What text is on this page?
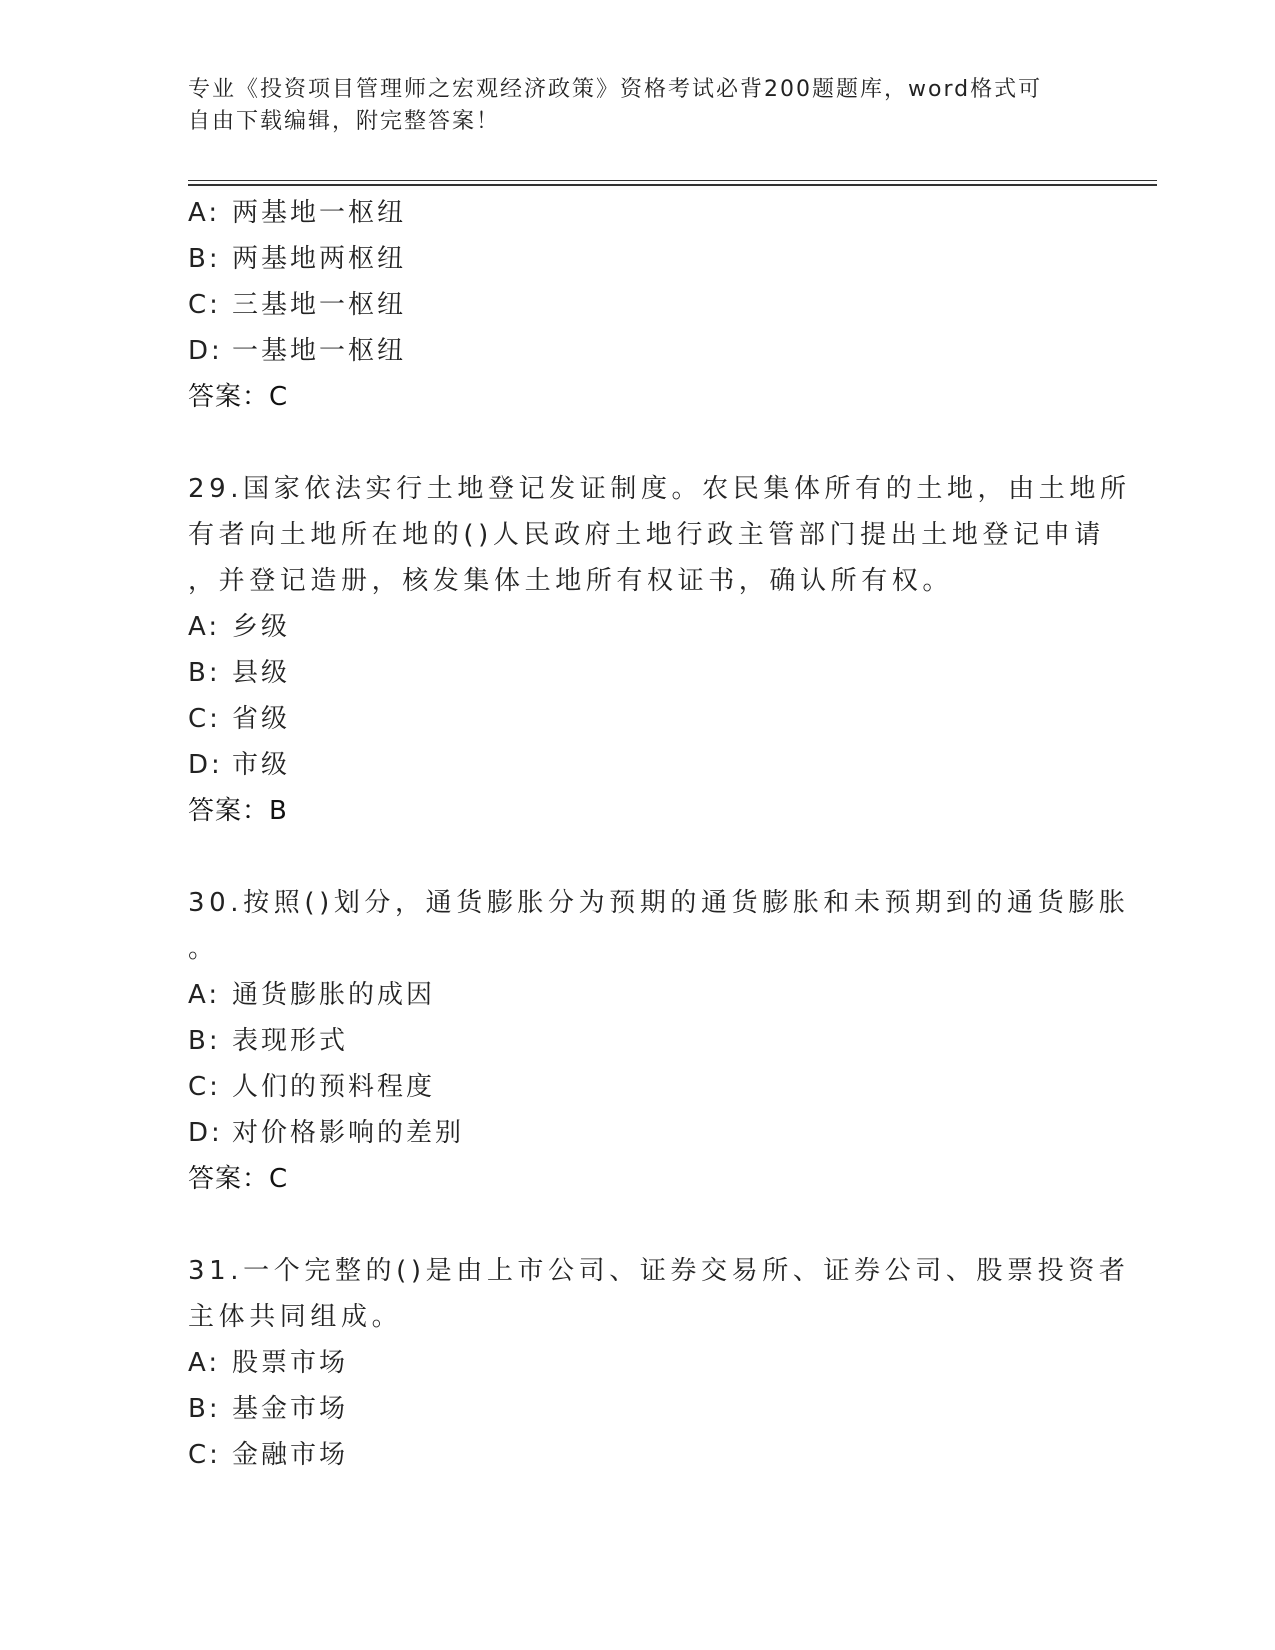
专业《投资项目管理师之宏观经济政策》资格考试必背200题题库，word格式可
自由下载编辑，附完整答案！
A: 两基地一枢纽
B: 两基地两枢纽
C: 三基地一枢纽
D: 一基地一枢纽
答案：C
29.国家依法实行土地登记发证制度。农民集体所有的土地，由土地所
有者向土地所在地的()人民政府土地行政主管部门提出土地登记申请
，并登记造册，核发集体土地所有权证书，确认所有权。
A: 乡级
B: 县级
C: 省级
D: 市级
答案：B
30.按照()划分，通货膨胀分为预期的通货膨胀和未预期到的通货膨胀
。
A: 通货膨胀的成因
B: 表现形式
C: 人们的预料程度
D: 对价格影响的差别
答案：C
31.一个完整的()是由上市公司、证券交易所、证券公司、股票投资者
主体共同组成。
A: 股票市场
B: 基金市场
C: 金融市场
